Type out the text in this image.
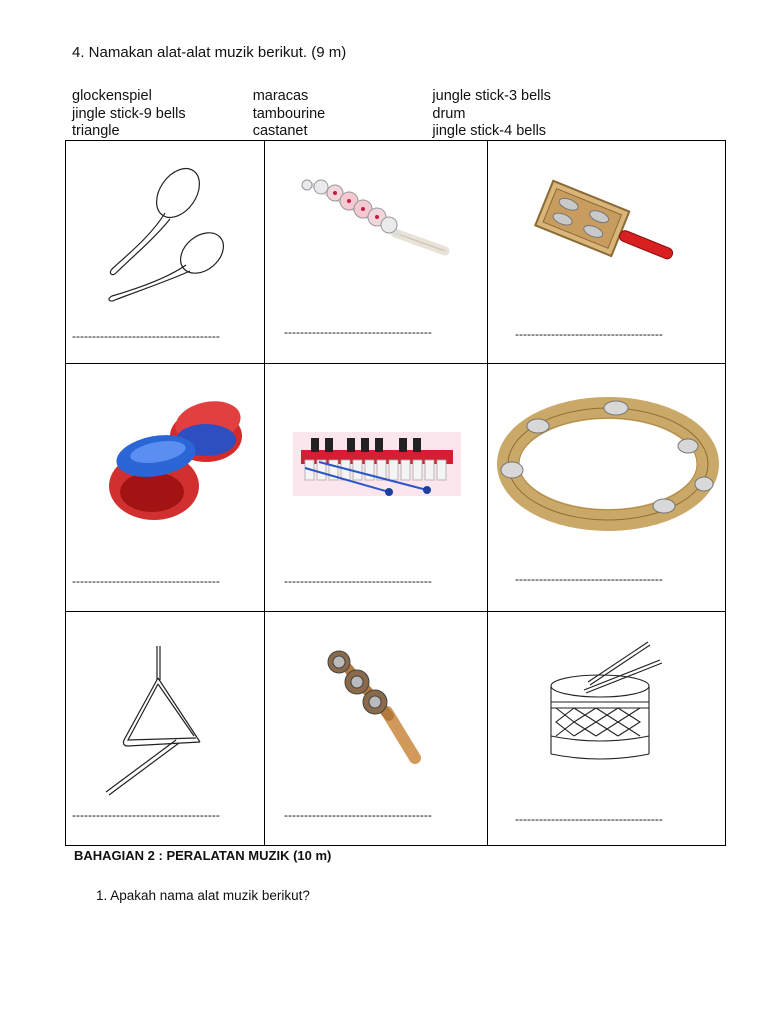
4. Namakan alat-alat muzik berikut. (9 m)
glockenspiel	maracas	jungle stick-3 bells
jingle stick-9 bells	tambourine	drum
triangle	castanet	jingle stick-4 bells
-------------------------------------	-------------------------------------	-------------------------------------
-------------------------------------	-------------------------------------	-------------------------------------
-------------------------------------	-------------------------------------	-------------------------------------
BAHAGIAN 2 : PERALATAN MUZIK (10 m)
1. Apakah nama alat muzik berikut?
